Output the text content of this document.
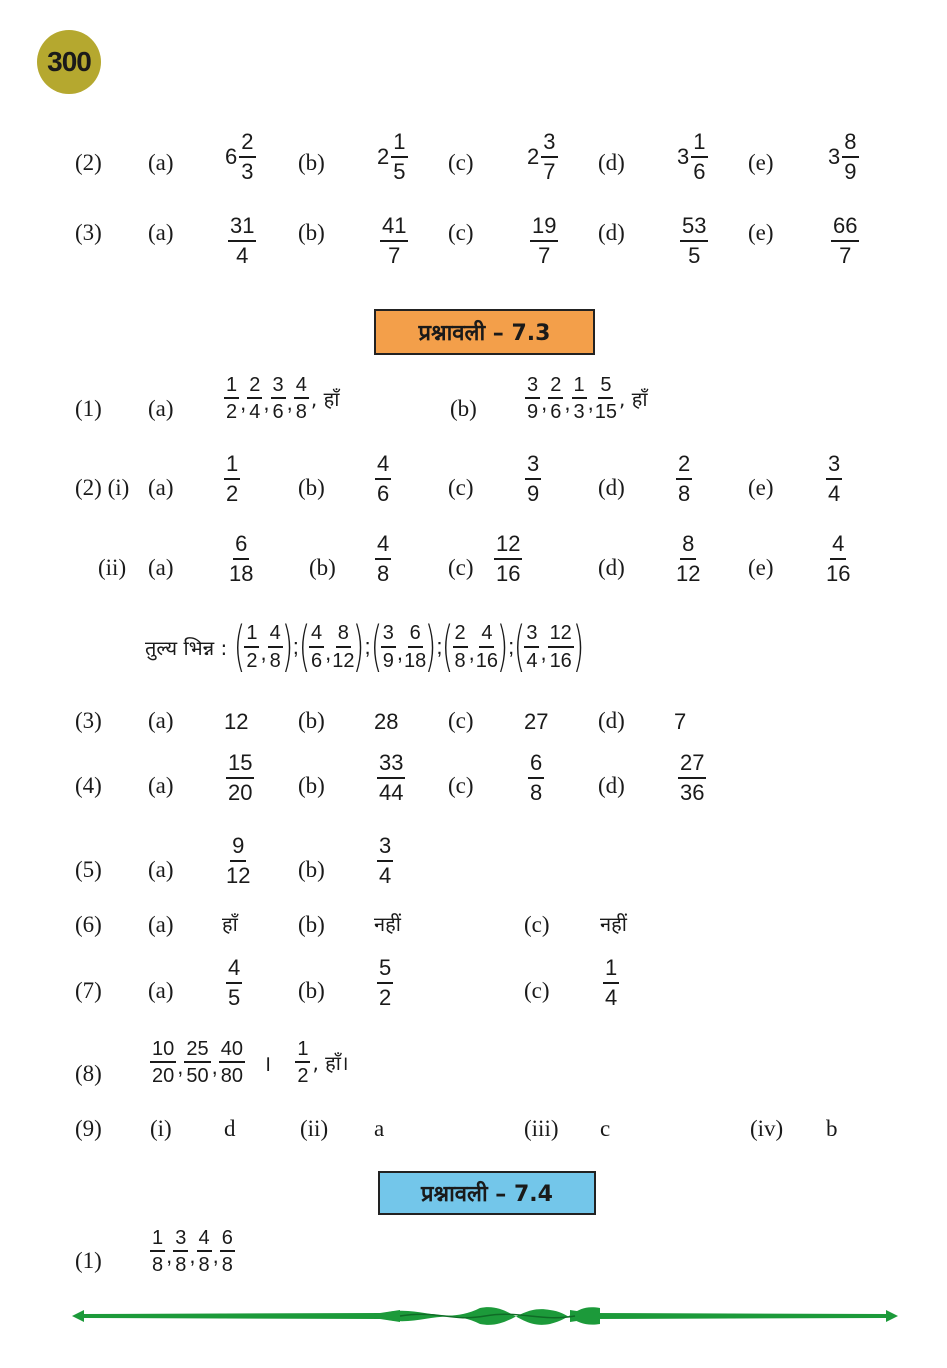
300
(2) (a)	(b)	(c)	(d)	(e)
$6 \frac{2}{3}$	$2 \frac{1}{5}$	$2 \frac{3}{7}$	$3 \frac{1}{6}$	$3 \frac{8}{9}$
(3) (a)	(b)	(c)	(d)	(e)
$\frac{31}{4}$	$\frac{41}{7}$	$\frac{19}{7}$	$\frac{53}{5}$	$\frac{66}{7}$
प्रश्नावली – 7.3
(1) (a)	(b)
$\frac{1}{2}$ , $\frac{2}{4}$ , $\frac{3}{6}$ , $\frac{4}{8}$ , हाँ	$\frac{3}{9}$ , $\frac{2}{6}$ , $\frac{1}{3}$ , $\frac{5}{15}$ , हाँ
(2) (i) (a)	(b)	(c)	(d)	(e)
$\frac{1}{2}$	$\frac{4}{6}$	$\frac{3}{9}$	$\frac{2}{8}$	$\frac{3}{4}$
(ii) (a)	(b)	(c)	(d)	(e)
$\frac{6}{18}$	$\frac{4}{8}$	$\frac{12}{16}$	$\frac{8}{12}$	$\frac{4}{16}$
तुल्य भिन्न : (
$\frac{1}{2}$ , $\frac{4}{8}$
) ; (
$\frac{4}{6}$ , $\frac{8}{12}$
) ; (
$\frac{3}{9}$ , $\frac{6}{18}$
) ; (
$\frac{2}{8}$ , $\frac{4}{16}$
) ; (
$\frac{3}{4}$ , $\frac{12}{16}$
)
(3) (a)	(b)	(c)	(d)
12	28	27	7
(4) (a)	(b)	(c)	(d)
$\frac{15}{20}$	$\frac{33}{44}$	$\frac{6}{8}$	$\frac{27}{36}$
(5) (a)	(b)
$\frac{9}{12}$	$\frac{3}{4}$
(6) (a)	(b)	(c)
हाँ	नहीं	नहीं
(7) (a)	(b)	(c)
$\frac{4}{5}$	$\frac{5}{2}$	$\frac{1}{4}$
$(8) \frac{10}{20}$ , $\frac{25}{50}$ , $\frac{40}{80}$ । $\frac{1}{2}$ , हाँ।
(9) (i)	(ii)	(iii)	(iv)
d	a	c	b
प्रश्नावली – 7.4
$(1) \frac{1}{8}$ , $\frac{3}{8}$ , $\frac{4}{8}$ , $\frac{6}{8}$
